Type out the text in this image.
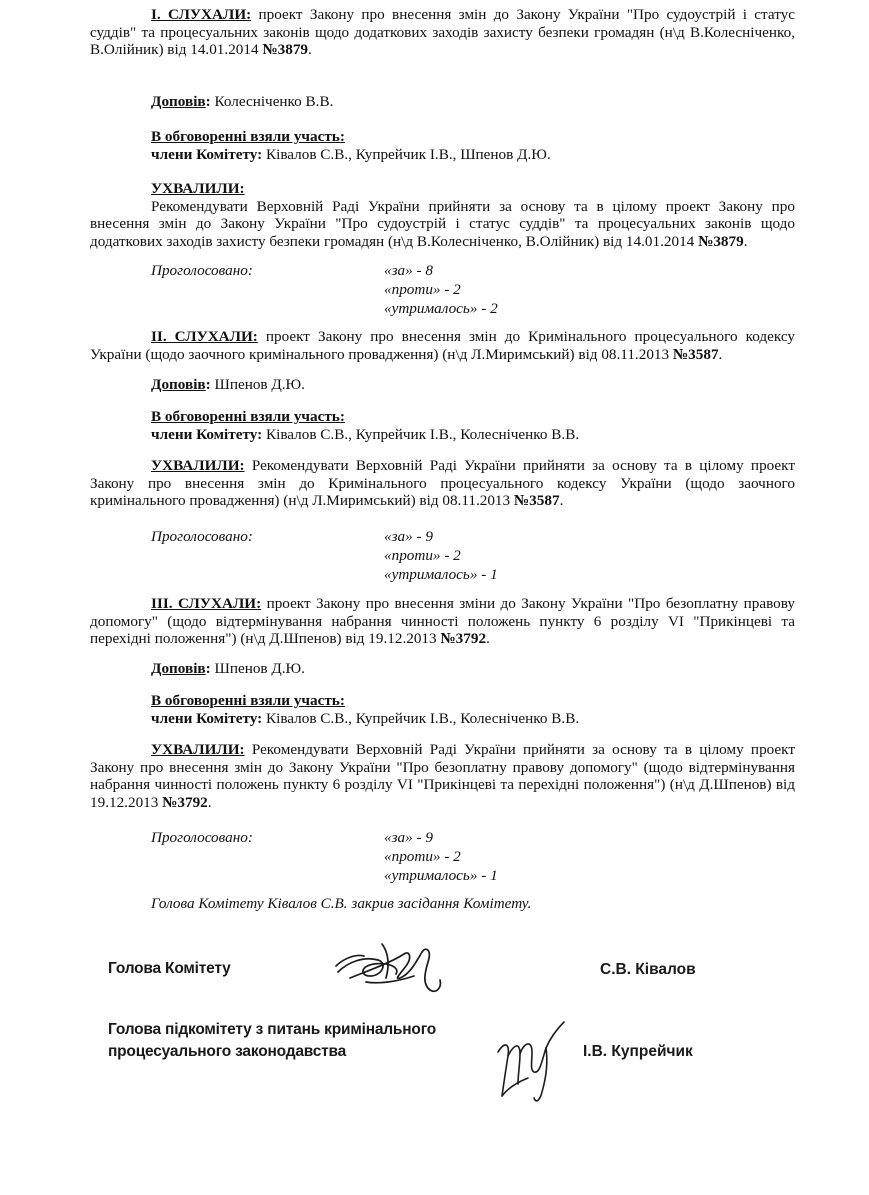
I. СЛУХАЛИ: проект Закону про внесення змін до Закону України "Про судоустрій і статус суддів" та процесуальних законів щодо додаткових заходів захисту безпеки громадян (н\д В.Колесніченко, В.Олійник) від 14.01.2014 №3879.

Доповів: Колесніченко В.В.

В обговоренні взяли участь:

члени Комітету: Ківалов С.В., Купрейчик І.В., Шпенов Д.Ю.

УХВАЛИЛИ:

Рекомендувати Верховній Раді України прийняти за основу та в цілому проект Закону про внесення змін до Закону України "Про судоустрій і статус суддів" та процесуальних законів щодо додаткових заходів захисту безпеки громадян (н\д В.Колесніченко, В.Олійник) від 14.01.2014 №3879.

Проголосовано:	«за» - 8
«проти» - 2
«утрималось» - 2

II. СЛУХАЛИ: проект Закону про внесення змін до Кримінального процесуального кодексу України (щодо заочного кримінального провадження) (н\д Л.Миримський) від 08.11.2013 №3587.

Доповів: Шпенов Д.Ю.

В обговоренні взяли участь:

члени Комітету: Ківалов С.В., Купрейчик І.В., Колесніченко В.В.

УХВАЛИЛИ: Рекомендувати Верховній Раді України прийняти за основу та в цілому проект Закону про внесення змін до Кримінального процесуального кодексу України (щодо заочного кримінального провадження) (н\д Л.Миримський) від 08.11.2013 №3587.

Проголосовано:	«за» - 9
«проти» - 2
«утрималось» - 1

III. СЛУХАЛИ: проект Закону про внесення зміни до Закону України "Про безоплатну правову допомогу" (щодо відтермінування набрання чинності положень пункту 6 розділу VI "Прикінцеві та перехідні положення") (н\д Д.Шпенов) від 19.12.2013 №3792.

Доповів: Шпенов Д.Ю.

В обговоренні взяли участь:

члени Комітету: Ківалов С.В., Купрейчик І.В., Колесніченко В.В.

УХВАЛИЛИ: Рекомендувати Верховній Раді України прийняти за основу та в цілому проект Закону про внесення змін до Закону України "Про безоплатну правову допомогу" (щодо відтермінування набрання чинності положень пункту 6 розділу VI "Прикінцеві та перехідні положення") (н\д Д.Шпенов) від 19.12.2013 №3792.

Проголосовано:	«за» - 9
«проти» - 2
«утрималось» - 1

Голова Комітету Ківалов С.В. закрив засідання Комітету.

Голова Комітету	С.В. Ківалов
Голова підкомітету з питань кримінального
процесуального законодавства	І.В. Купрейчик
